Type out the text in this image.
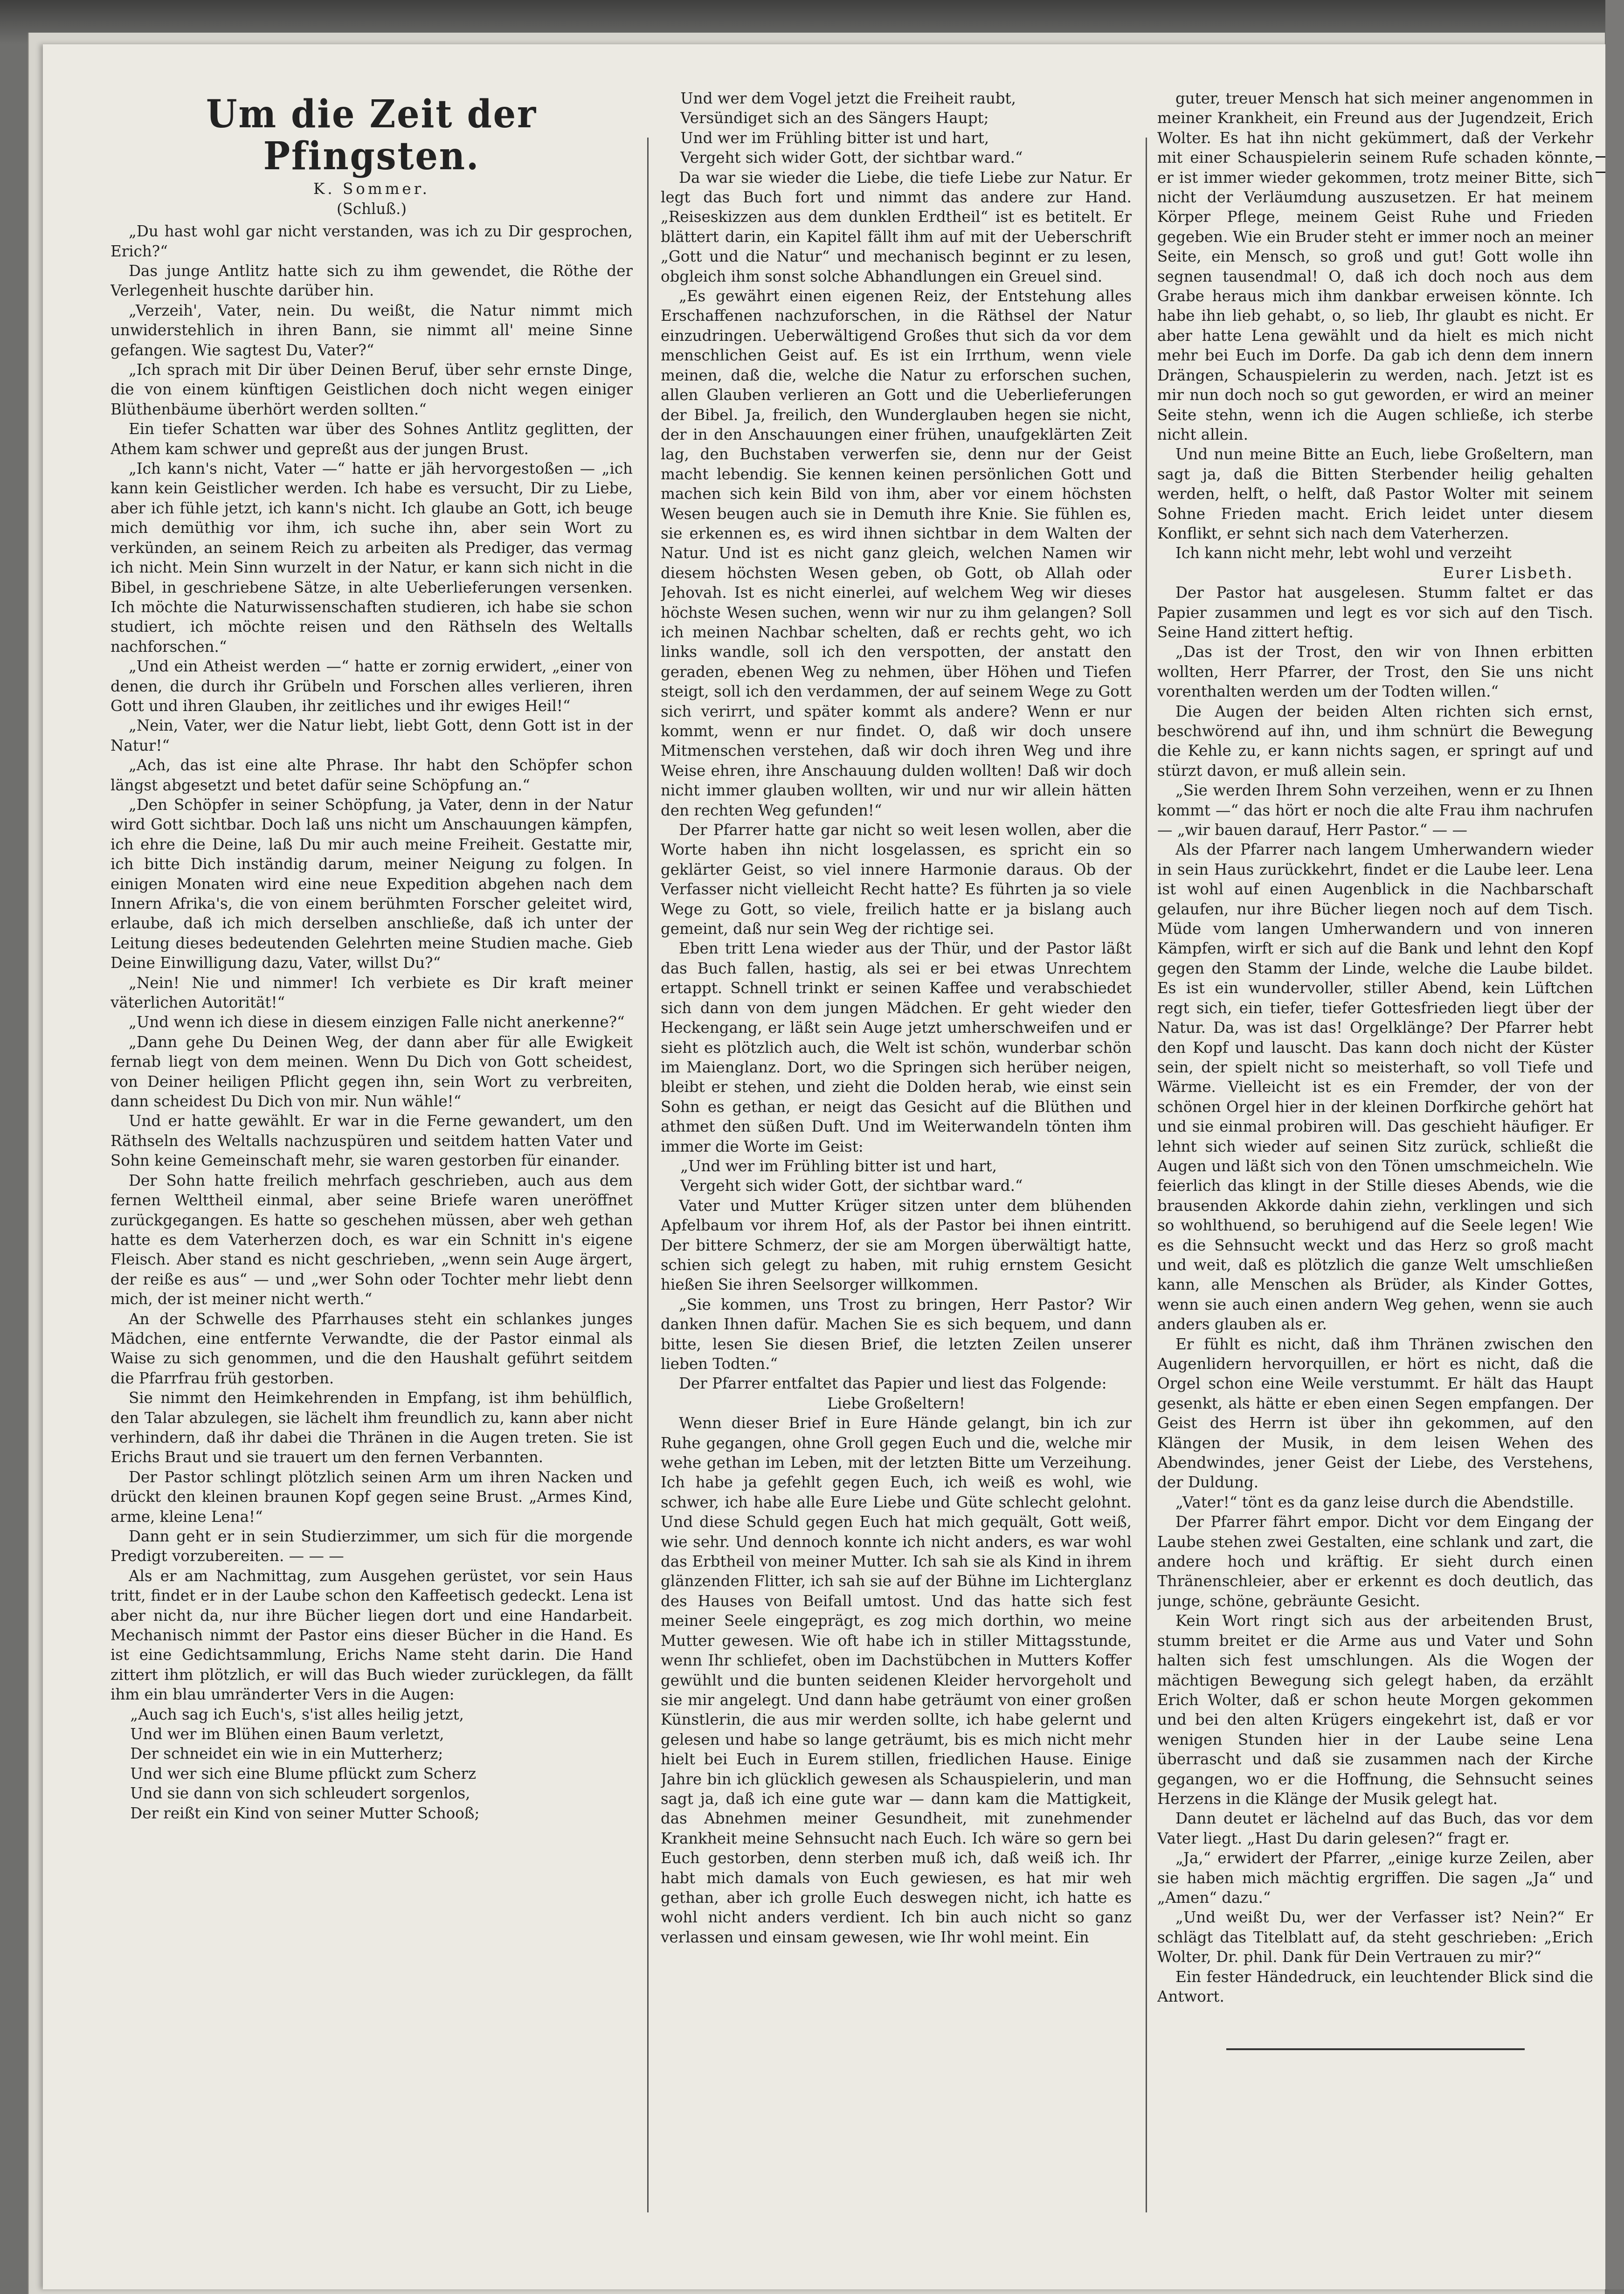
Um die Zeit der Pfingsten.

K. Sommer.

(Schluß.)

„Du hast wohl gar nicht verstanden, was ich zu Dir gesprochen, Erich?“

Das junge Antlitz hatte sich zu ihm gewendet, die Röthe der Verlegenheit huschte darüber hin.

„Verzeih', Vater, nein. Du weißt, die Natur nimmt mich unwiderstehlich in ihren Bann, sie nimmt all' meine Sinne gefangen. Wie sagtest Du, Vater?“

„Ich sprach mit Dir über Deinen Beruf, über sehr ernste Dinge, die von einem künftigen Geistlichen doch nicht wegen einiger Blüthenbäume überhört werden sollten.“

Ein tiefer Schatten war über des Sohnes Antlitz geglitten, der Athem kam schwer und gepreßt aus der jungen Brust.

„Ich kann's nicht, Vater —“ hatte er jäh hervorgestoßen — „ich kann kein Geistlicher werden. Ich habe es versucht, Dir zu Liebe, aber ich fühle jetzt, ich kann's nicht. Ich glaube an Gott, ich beuge mich demüthig vor ihm, ich suche ihn, aber sein Wort zu verkünden, an seinem Reich zu arbeiten als Prediger, das vermag ich nicht. Mein Sinn wurzelt in der Natur, er kann sich nicht in die Bibel, in geschriebene Sätze, in alte Ueberlieferungen versenken. Ich möchte die Naturwissenschaften studieren, ich habe sie schon studiert, ich möchte reisen und den Räthseln des Weltalls nachforschen.“

„Und ein Atheist werden —“ hatte er zornig erwidert, „einer von denen, die durch ihr Grübeln und Forschen alles verlieren, ihren Gott und ihren Glauben, ihr zeitliches und ihr ewiges Heil!“

„Nein, Vater, wer die Natur liebt, liebt Gott, denn Gott ist in der Natur!“

„Ach, das ist eine alte Phrase. Ihr habt den Schöpfer schon längst abgesetzt und betet dafür seine Schöpfung an.“

„Den Schöpfer in seiner Schöpfung, ja Vater, denn in der Natur wird Gott sichtbar. Doch laß uns nicht um Anschauungen kämpfen, ich ehre die Deine, laß Du mir auch meine Freiheit. Gestatte mir, ich bitte Dich inständig darum, meiner Neigung zu folgen. In einigen Monaten wird eine neue Expedition abgehen nach dem Innern Afrika's, die von einem berühmten Forscher geleitet wird, erlaube, daß ich mich derselben anschließe, daß ich unter der Leitung dieses bedeutenden Gelehrten meine Studien mache. Gieb Deine Einwilligung dazu, Vater, willst Du?“

„Nein! Nie und nimmer! Ich verbiete es Dir kraft meiner väterlichen Autorität!“

„Und wenn ich diese in diesem einzigen Falle nicht anerkenne?“

„Dann gehe Du Deinen Weg, der dann aber für alle Ewigkeit fernab liegt von dem meinen. Wenn Du Dich von Gott scheidest, von Deiner heiligen Pflicht gegen ihn, sein Wort zu verbreiten, dann scheidest Du Dich von mir. Nun wähle!“

Und er hatte gewählt. Er war in die Ferne gewandert, um den Räthseln des Weltalls nachzuspüren und seitdem hatten Vater und Sohn keine Gemeinschaft mehr, sie waren gestorben für einander.

Der Sohn hatte freilich mehrfach geschrieben, auch aus dem fernen Welttheil einmal, aber seine Briefe waren uneröffnet zurückgegangen. Es hatte so geschehen müssen, aber weh gethan hatte es dem Vaterherzen doch, es war ein Schnitt in's eigene Fleisch. Aber stand es nicht geschrieben, „wenn sein Auge ärgert, der reiße es aus“ — und „wer Sohn oder Tochter mehr liebt denn mich, der ist meiner nicht werth.“

An der Schwelle des Pfarrhauses steht ein schlankes junges Mädchen, eine entfernte Verwandte, die der Pastor einmal als Waise zu sich genommen, und die den Haushalt geführt seitdem die Pfarrfrau früh gestorben.

Sie nimmt den Heimkehrenden in Empfang, ist ihm behülflich, den Talar abzulegen, sie lächelt ihm freundlich zu, kann aber nicht verhindern, daß ihr dabei die Thränen in die Augen treten. Sie ist Erichs Braut und sie trauert um den fernen Verbannten.

Der Pastor schlingt plötzlich seinen Arm um ihren Nacken und drückt den kleinen braunen Kopf gegen seine Brust. „Armes Kind, arme, kleine Lena!“

Dann geht er in sein Studierzimmer, um sich für die morgende Predigt vorzubereiten. — — —

Als er am Nachmittag, zum Ausgehen gerüstet, vor sein Haus tritt, findet er in der Laube schon den Kaffeetisch gedeckt. Lena ist aber nicht da, nur ihre Bücher liegen dort und eine Handarbeit. Mechanisch nimmt der Pastor eins dieser Bücher in die Hand. Es ist eine Gedichtsammlung, Erichs Name steht darin. Die Hand zittert ihm plötzlich, er will das Buch wieder zurücklegen, da fällt ihm ein blau umränderter Vers in die Augen:

„Auch sag ich Euch's, s'ist alles heilig jetzt,

Und wer im Blühen einen Baum verletzt,

Der schneidet ein wie in ein Mutterherz;

Und wer sich eine Blume pflückt zum Scherz

Und sie dann von sich schleudert sorgenlos,

Der reißt ein Kind von seiner Mutter Schooß;

Und wer dem Vogel jetzt die Freiheit raubt,

Versündiget sich an des Sängers Haupt;

Und wer im Frühling bitter ist und hart,

Vergeht sich wider Gott, der sichtbar ward.“

Da war sie wieder die Liebe, die tiefe Liebe zur Natur. Er legt das Buch fort und nimmt das andere zur Hand. „Reiseskizzen aus dem dunklen Erdtheil“ ist es betitelt. Er blättert darin, ein Kapitel fällt ihm auf mit der Ueberschrift „Gott und die Natur“ und mechanisch beginnt er zu lesen, obgleich ihm sonst solche Abhandlungen ein Greuel sind.

„Es gewährt einen eigenen Reiz, der Entstehung alles Erschaffenen nachzuforschen, in die Räthsel der Natur einzudringen. Ueberwältigend Großes thut sich da vor dem menschlichen Geist auf. Es ist ein Irrthum, wenn viele meinen, daß die, welche die Natur zu erforschen suchen, allen Glauben verlieren an Gott und die Ueberlieferungen der Bibel. Ja, freilich, den Wunderglauben hegen sie nicht, der in den Anschauungen einer frühen, unaufgeklärten Zeit lag, den Buchstaben verwerfen sie, denn nur der Geist macht lebendig. Sie kennen keinen persönlichen Gott und machen sich kein Bild von ihm, aber vor einem höchsten Wesen beugen auch sie in Demuth ihre Knie. Sie fühlen es, sie erkennen es, es wird ihnen sichtbar in dem Walten der Natur. Und ist es nicht ganz gleich, welchen Namen wir diesem höchsten Wesen geben, ob Gott, ob Allah oder Jehovah. Ist es nicht einerlei, auf welchem Weg wir dieses höchste Wesen suchen, wenn wir nur zu ihm gelangen? Soll ich meinen Nachbar schelten, daß er rechts geht, wo ich links wandle, soll ich den verspotten, der anstatt den geraden, ebenen Weg zu nehmen, über Höhen und Tiefen steigt, soll ich den verdammen, der auf seinem Wege zu Gott sich verirrt, und später kommt als andere? Wenn er nur kommt, wenn er nur findet. O, daß wir doch unsere Mitmenschen verstehen, daß wir doch ihren Weg und ihre Weise ehren, ihre Anschauung dulden wollten! Daß wir doch nicht immer glauben wollten, wir und nur wir allein hätten den rechten Weg gefunden!“

Der Pfarrer hatte gar nicht so weit lesen wollen, aber die Worte haben ihn nicht losgelassen, es spricht ein so geklärter Geist, so viel innere Harmonie daraus. Ob der Verfasser nicht vielleicht Recht hatte? Es führten ja so viele Wege zu Gott, so viele, freilich hatte er ja bislang auch gemeint, daß nur sein Weg der richtige sei.

Eben tritt Lena wieder aus der Thür, und der Pastor läßt das Buch fallen, hastig, als sei er bei etwas Unrechtem ertappt. Schnell trinkt er seinen Kaffee und verabschiedet sich dann von dem jungen Mädchen. Er geht wieder den Heckengang, er läßt sein Auge jetzt umherschweifen und er sieht es plötzlich auch, die Welt ist schön, wunderbar schön im Maienglanz. Dort, wo die Springen sich herüber neigen, bleibt er stehen, und zieht die Dolden herab, wie einst sein Sohn es gethan, er neigt das Gesicht auf die Blüthen und athmet den süßen Duft. Und im Weiterwandeln tönten ihm immer die Worte im Geist:

„Und wer im Frühling bitter ist und hart,

Vergeht sich wider Gott, der sichtbar ward.“

Vater und Mutter Krüger sitzen unter dem blühenden Apfelbaum vor ihrem Hof, als der Pastor bei ihnen eintritt. Der bittere Schmerz, der sie am Morgen überwältigt hatte, schien sich gelegt zu haben, mit ruhig ernstem Gesicht hießen Sie ihren Seelsorger willkommen.

„Sie kommen, uns Trost zu bringen, Herr Pastor? Wir danken Ihnen dafür. Machen Sie es sich bequem, und dann bitte, lesen Sie diesen Brief, die letzten Zeilen unserer lieben Todten.“

Der Pfarrer entfaltet das Papier und liest das Folgende:

Liebe Großeltern!

Wenn dieser Brief in Eure Hände gelangt, bin ich zur Ruhe gegangen, ohne Groll gegen Euch und die, welche mir wehe gethan im Leben, mit der letzten Bitte um Verzeihung. Ich habe ja gefehlt gegen Euch, ich weiß es wohl, wie schwer, ich habe alle Eure Liebe und Güte schlecht gelohnt. Und diese Schuld gegen Euch hat mich gequält, Gott weiß, wie sehr. Und dennoch konnte ich nicht anders, es war wohl das Erbtheil von meiner Mutter. Ich sah sie als Kind in ihrem glänzenden Flitter, ich sah sie auf der Bühne im Lichterglanz des Hauses von Beifall umtost. Und das hatte sich fest meiner Seele eingeprägt, es zog mich dorthin, wo meine Mutter gewesen. Wie oft habe ich in stiller Mittagsstunde, wenn Ihr schliefet, oben im Dachstübchen in Mutters Koffer gewühlt und die bunten seidenen Kleider hervorgeholt und sie mir angelegt. Und dann habe geträumt von einer großen Künstlerin, die aus mir werden sollte, ich habe gelernt und gelesen und habe so lange geträumt, bis es mich nicht mehr hielt bei Euch in Eurem stillen, friedlichen Hause. Einige Jahre bin ich glücklich gewesen als Schauspielerin, und man sagt ja, daß ich eine gute war — dann kam die Mattigkeit, das Abnehmen meiner Gesundheit, mit zunehmender Krankheit meine Sehnsucht nach Euch. Ich wäre so gern bei Euch gestorben, denn sterben muß ich, daß weiß ich. Ihr habt mich damals von Euch gewiesen, es hat mir weh gethan, aber ich grolle Euch deswegen nicht, ich hatte es wohl nicht anders verdient. Ich bin auch nicht so ganz verlassen und einsam gewesen, wie Ihr wohl meint. Ein

guter, treuer Mensch hat sich meiner angenommen in meiner Krankheit, ein Freund aus der Jugendzeit, Erich Wolter. Es hat ihn nicht gekümmert, daß der Verkehr mit einer Schauspielerin seinem Rufe schaden könnte, er ist immer wieder gekommen, trotz meiner Bitte, sich nicht der Verläumdung auszusetzen. Er hat meinem Körper Pflege, meinem Geist Ruhe und Frieden gegeben. Wie ein Bruder steht er immer noch an meiner Seite, ein Mensch, so groß und gut! Gott wolle ihn segnen tausendmal! O, daß ich doch noch aus dem Grabe heraus mich ihm dankbar erweisen könnte. Ich habe ihn lieb gehabt, o, so lieb, Ihr glaubt es nicht. Er aber hatte Lena gewählt und da hielt es mich nicht mehr bei Euch im Dorfe. Da gab ich denn dem innern Drängen, Schauspielerin zu werden, nach. Jetzt ist es mir nun doch noch so gut geworden, er wird an meiner Seite stehn, wenn ich die Augen schließe, ich sterbe nicht allein.

Und nun meine Bitte an Euch, liebe Großeltern, man sagt ja, daß die Bitten Sterbender heilig gehalten werden, helft, o helft, daß Pastor Wolter mit seinem Sohne Frieden macht. Erich leidet unter diesem Konflikt, er sehnt sich nach dem Vaterherzen.

Ich kann nicht mehr, lebt wohl und verzeiht

Eurer Lisbeth.

Der Pastor hat ausgelesen. Stumm faltet er das Papier zusammen und legt es vor sich auf den Tisch. Seine Hand zittert heftig.

„Das ist der Trost, den wir von Ihnen erbitten wollten, Herr Pfarrer, der Trost, den Sie uns nicht vorenthalten werden um der Todten willen.“

Die Augen der beiden Alten richten sich ernst, beschwörend auf ihn, und ihm schnürt die Bewegung die Kehle zu, er kann nichts sagen, er springt auf und stürzt davon, er muß allein sein.

„Sie werden Ihrem Sohn verzeihen, wenn er zu Ihnen kommt —“ das hört er noch die alte Frau ihm nachrufen — „wir bauen darauf, Herr Pastor.“ — —

Als der Pfarrer nach langem Umherwandern wieder in sein Haus zurückkehrt, findet er die Laube leer. Lena ist wohl auf einen Augenblick in die Nachbarschaft gelaufen, nur ihre Bücher liegen noch auf dem Tisch. Müde vom langen Umherwandern und von inneren Kämpfen, wirft er sich auf die Bank und lehnt den Kopf gegen den Stamm der Linde, welche die Laube bildet. Es ist ein wundervoller, stiller Abend, kein Lüftchen regt sich, ein tiefer, tiefer Gottesfrieden liegt über der Natur. Da, was ist das! Orgelklänge? Der Pfarrer hebt den Kopf und lauscht. Das kann doch nicht der Küster sein, der spielt nicht so meisterhaft, so voll Tiefe und Wärme. Vielleicht ist es ein Fremder, der von der schönen Orgel hier in der kleinen Dorfkirche gehört hat und sie einmal probiren will. Das geschieht häufiger. Er lehnt sich wieder auf seinen Sitz zurück, schließt die Augen und läßt sich von den Tönen umschmeicheln. Wie feierlich das klingt in der Stille dieses Abends, wie die brausenden Akkorde dahin ziehn, verklingen und sich so wohlthuend, so beruhigend auf die Seele legen! Wie es die Sehnsucht weckt und das Herz so groß macht und weit, daß es plötzlich die ganze Welt umschließen kann, alle Menschen als Brüder, als Kinder Gottes, wenn sie auch einen andern Weg gehen, wenn sie auch anders glauben als er.

Er fühlt es nicht, daß ihm Thränen zwischen den Augenlidern hervorquillen, er hört es nicht, daß die Orgel schon eine Weile verstummt. Er hält das Haupt gesenkt, als hätte er eben einen Segen empfangen. Der Geist des Herrn ist über ihn gekommen, auf den Klängen der Musik, in dem leisen Wehen des Abendwindes, jener Geist der Liebe, des Verstehens, der Duldung.

„Vater!“ tönt es da ganz leise durch die Abendstille.

Der Pfarrer fährt empor. Dicht vor dem Eingang der Laube stehen zwei Gestalten, eine schlank und zart, die andere hoch und kräftig. Er sieht durch einen Thränenschleier, aber er erkennt es doch deutlich, das junge, schöne, gebräunte Gesicht.

Kein Wort ringt sich aus der arbeitenden Brust, stumm breitet er die Arme aus und Vater und Sohn halten sich fest umschlungen. Als die Wogen der mächtigen Bewegung sich gelegt haben, da erzählt Erich Wolter, daß er schon heute Morgen gekommen und bei den alten Krügers eingekehrt ist, daß er vor wenigen Stunden hier in der Laube seine Lena überrascht und daß sie zusammen nach der Kirche gegangen, wo er die Hoffnung, die Sehnsucht seines Herzens in die Klänge der Musik gelegt hat.

Dann deutet er lächelnd auf das Buch, das vor dem Vater liegt. „Hast Du darin gelesen?“ fragt er.

„Ja,“ erwidert der Pfarrer, „einige kurze Zeilen, aber sie haben mich mächtig ergriffen. Die sagen „Ja“ und „Amen“ dazu.“

„Und weißt Du, wer der Verfasser ist? Nein?“ Er schlägt das Titelblatt auf, da steht geschrieben: „Erich Wolter, Dr. phil. Dank für Dein Vertrauen zu mir?“

Ein fester Händedruck, ein leuchtender Blick sind die Antwort.
